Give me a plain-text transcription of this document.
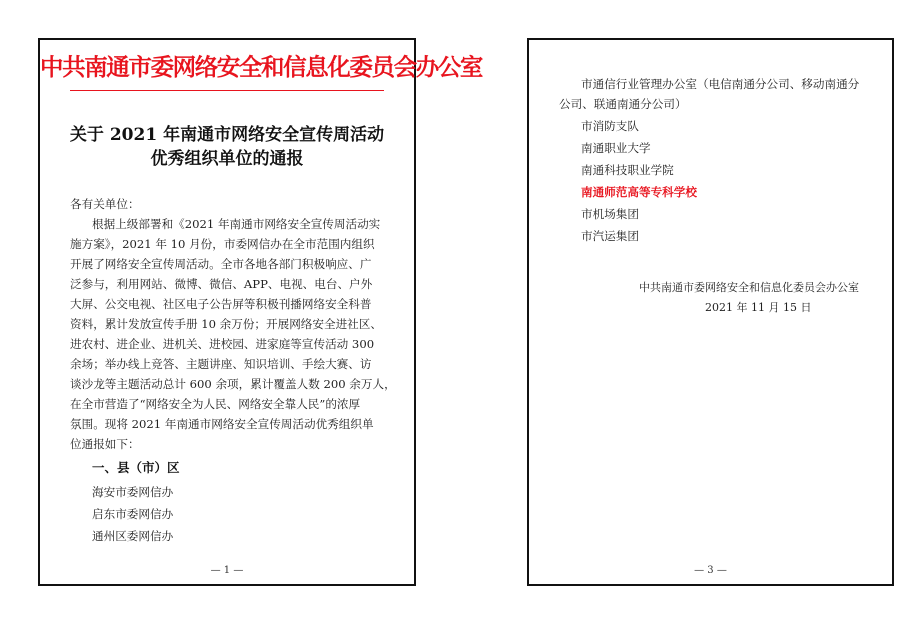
中共南通市委网络安全和信息化委员会办公室
关于 2021 年南通市网络安全宣传周活动
优秀组织单位的通报
各有关单位：
根据上级部署和《2021 年南通市网络安全宣传周活动实
施方案》，2021 年 10 月份，市委网信办在全市范围内组织
开展了网络安全宣传周活动。全市各地各部门积极响应、广
泛参与，利用网站、微博、微信、APP、电视、电台、户外
大屏、公交电视、社区电子公告屏等积极刊播网络安全科普
资料，累计发放宣传手册 10 余万份；开展网络安全进社区、
进农村、进企业、进机关、进校园、进家庭等宣传活动 300
余场；举办线上竞答、主题讲座、知识培训、手绘大赛、访
谈沙龙等主题活动总计 600 余项，累计覆盖人数 200 余万人，
在全市营造了“网络安全为人民、网络安全靠人民”的浓厚
氛围。现将 2021 年南通市网络安全宣传周活动优秀组织单
位通报如下：
一、县（市）区
海安市委网信办
启东市委网信办
通州区委网信办
— 1 —
市通信行业管理办公室（电信南通分公司、移动南通分
公司、联通南通分公司）
市消防支队
南通职业大学
南通科技职业学院
南通师范高等专科学校
市机场集团
市汽运集团
中共南通市委网络安全和信息化委员会办公室
2021 年 11 月 15 日
— 3 —
